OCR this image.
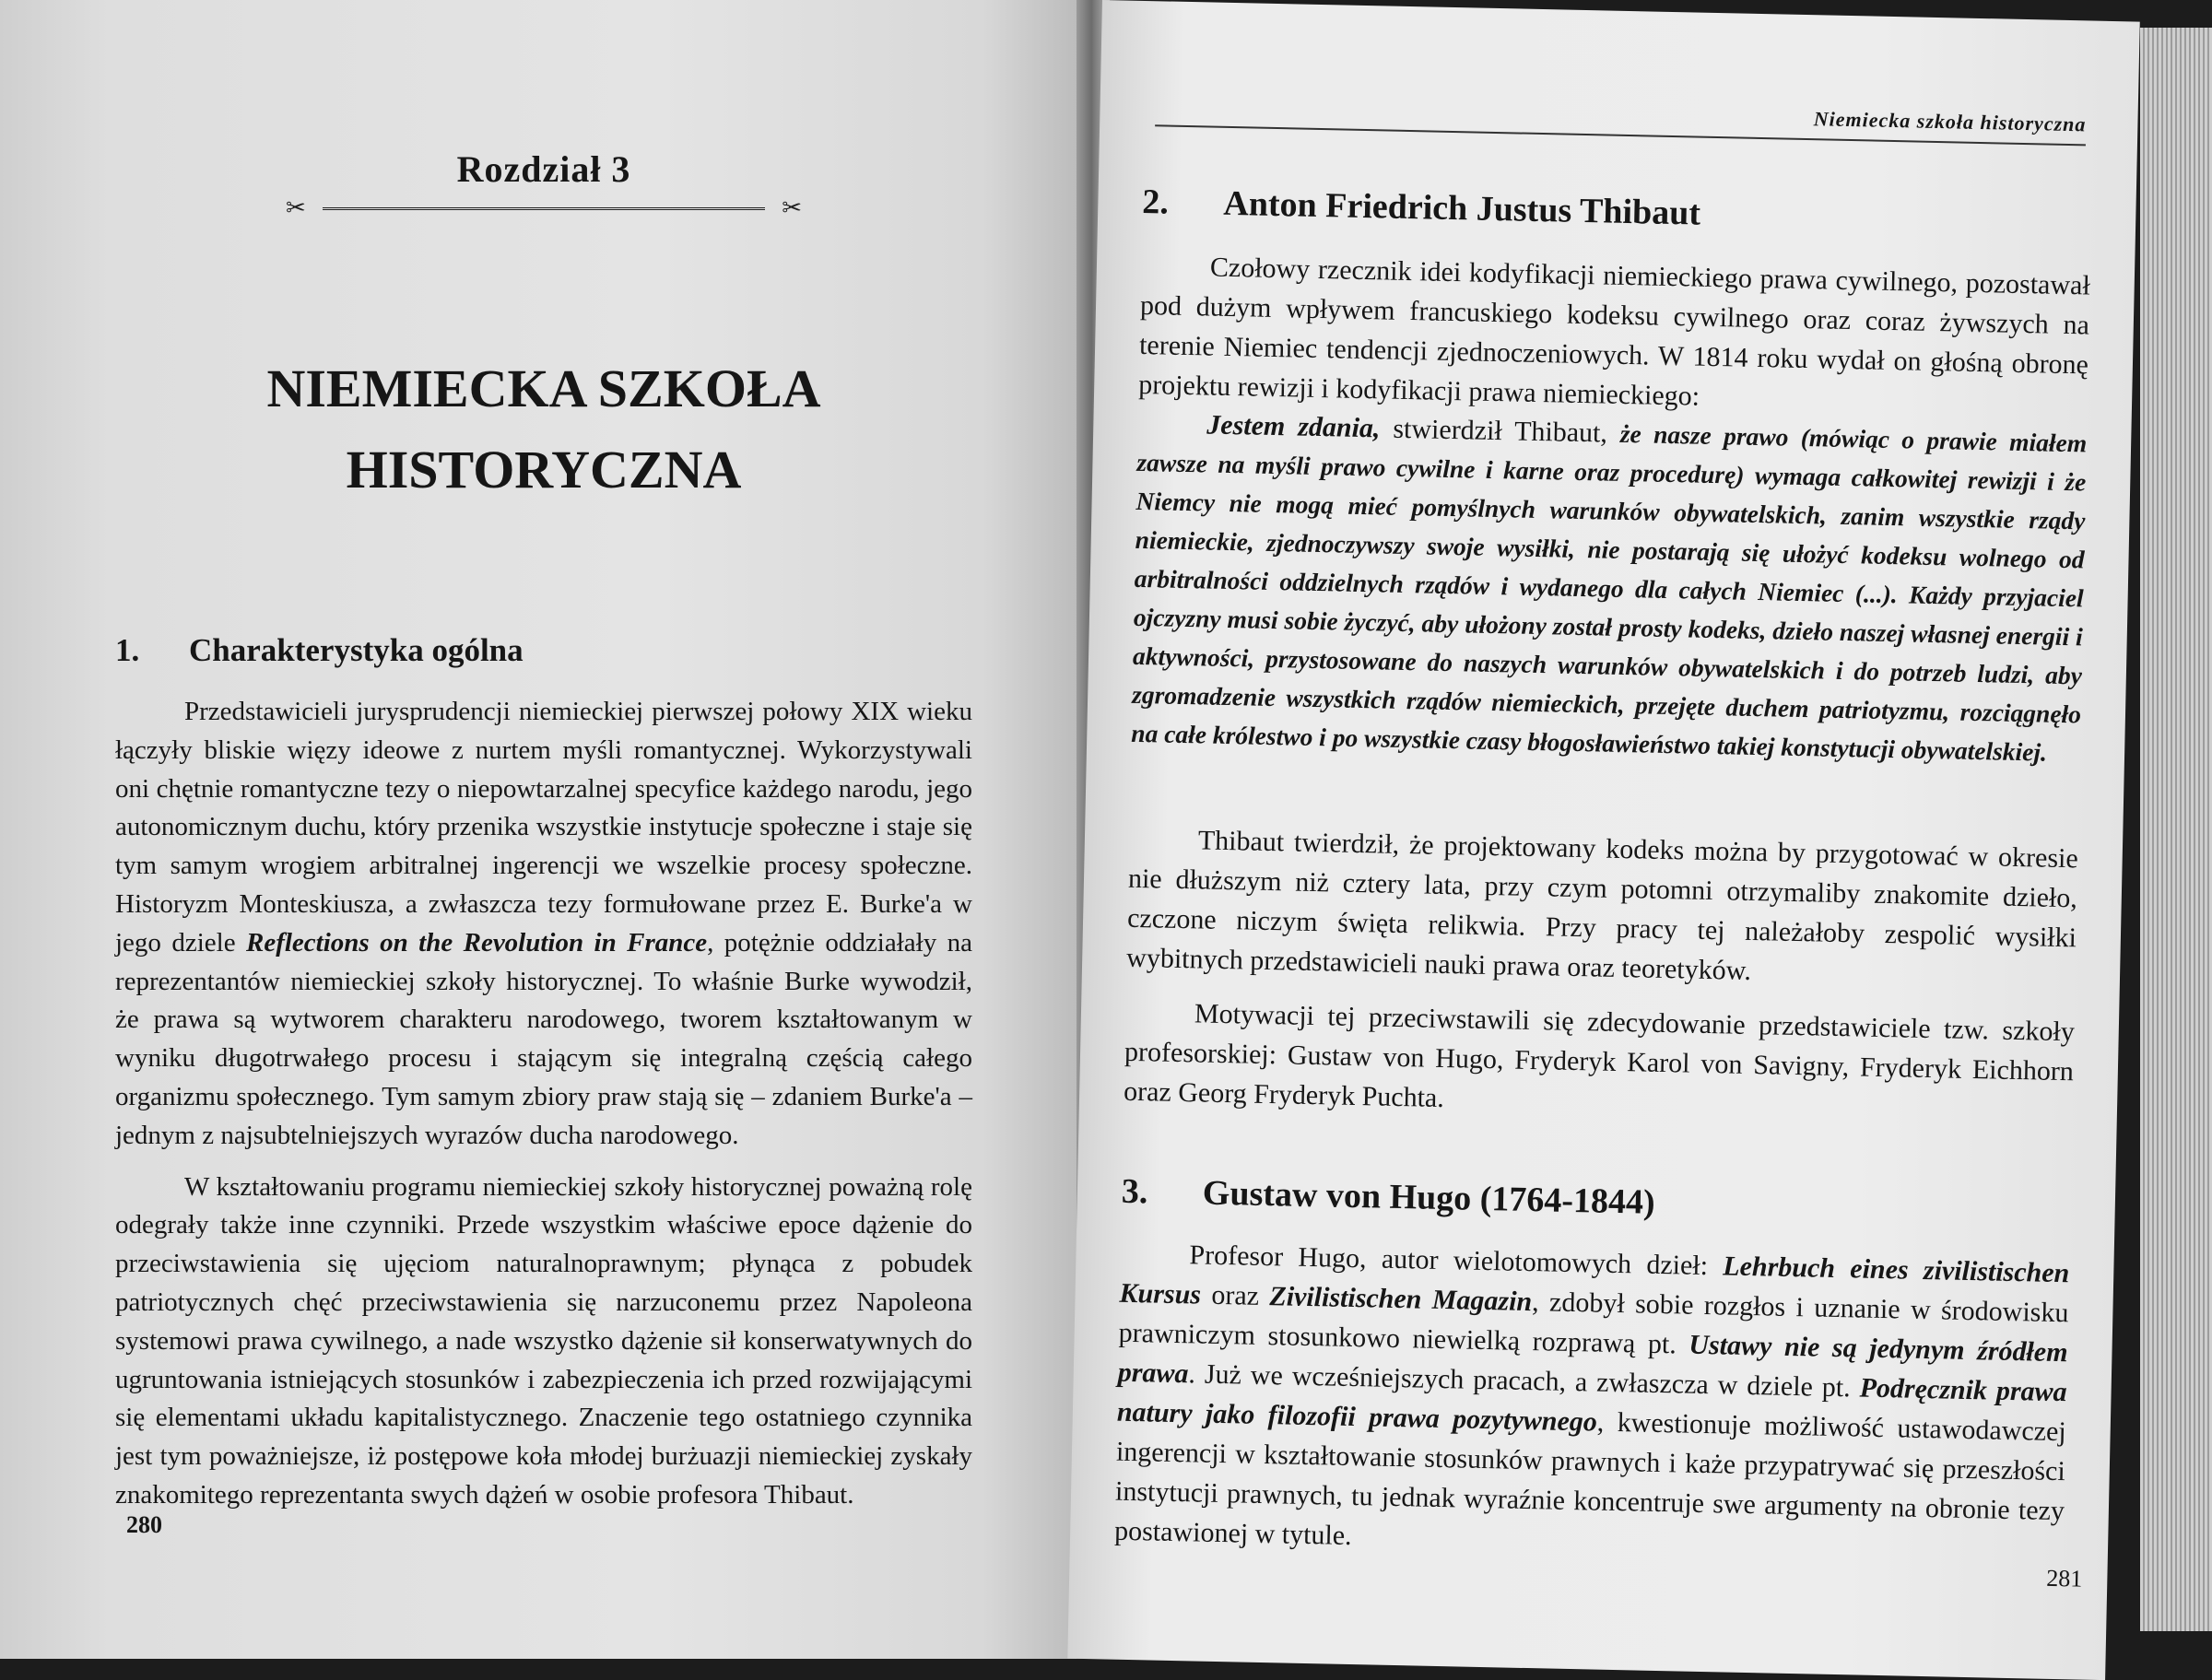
Rozdział 3
✂	✂
NIEMIECKA SZKOŁA
HISTORYCZNA
1. Charakterystyka ogólna

Przedstawicieli jurysprudencji niemieckiej pierwszej połowy XIX wieku łączyły bliskie więzy ideowe z nurtem myśli romantycznej. Wykorzystywali oni chętnie romantyczne tezy o niepowtarzalnej specyfice każdego narodu, jego autonomicznym duchu, który przenika wszystkie instytucje społeczne i staje się tym samym wrogiem arbitralnej ingerencji we wszelkie procesy społeczne. Historyzm Monteskiusza, a zwłaszcza tezy formułowane przez E. Burke'a w jego dziele Reflections on the Revolution in France, potężnie oddziałały na reprezentantów niemieckiej szkoły historycznej. To właśnie Burke wywodził, że prawa są wytworem charakteru narodowego, tworem kształtowanym w wyniku długotrwałego procesu i stającym się integralną częścią całego organizmu społecznego. Tym samym zbiory praw stają się – zdaniem Burke'a – jednym z najsubtelniejszych wyrazów ducha narodowego.

W kształtowaniu programu niemieckiej szkoły historycznej poważną rolę odegrały także inne czynniki. Przede wszystkim właściwe epoce dążenie do przeciwstawienia się ujęciom naturalnoprawnym; płynąca z pobudek patriotycznych chęć przeciwstawienia się narzuconemu przez Napoleona systemowi prawa cywilnego, a nade wszystko dążenie sił konserwatywnych do ugruntowania istniejących stosunków i zabezpieczenia ich przed rozwijającymi się elementami układu kapitalistycznego. Znaczenie tego ostatniego czynnika jest tym poważniejsze, iż postępowe koła młodej burżuazji niemieckiej zyskały znakomitego reprezentanta swych dążeń w osobie profesora Thibaut.

280
Niemiecka szkoła historyczna
2. Anton Friedrich Justus Thibaut

Czołowy rzecznik idei kodyfikacji niemieckiego prawa cywilnego, pozostawał pod dużym wpływem francuskiego kodeksu cywilnego oraz coraz żywszych na terenie Niemiec tendencji zjednoczeniowych. W 1814 roku wydał on głośną obronę projektu rewizji i kodyfikacji prawa niemieckiego:

Jestem zdania, stwierdził Thibaut, że nasze prawo (mówiąc o prawie miałem zawsze na myśli prawo cywilne i karne oraz procedurę) wymaga całkowitej rewizji i że Niemcy nie mogą mieć pomyślnych warunków obywatelskich, zanim wszystkie rządy niemieckie, zjednoczywszy swoje wysiłki, nie postarają się ułożyć kodeksu wolnego od arbitralności oddzielnych rządów i wydanego dla całych Niemiec (...). Każdy przyjaciel ojczyzny musi sobie życzyć, aby ułożony został prosty kodeks, dzieło naszej własnej energii i aktywności, przystosowane do naszych warunków obywatelskich i do potrzeb ludzi, aby zgromadzenie wszystkich rządów niemieckich, przejęte duchem patriotyzmu, rozciągnęło na całe królestwo i po wszystkie czasy błogosławieństwo takiej konstytucji obywatelskiej.

Thibaut twierdził, że projektowany kodeks można by przygotować w okresie nie dłuższym niż cztery lata, przy czym potomni otrzymaliby znakomite dzieło, czczone niczym święta relikwia. Przy pracy tej należałoby zespolić wysiłki wybitnych przedstawicieli nauki prawa oraz teoretyków.

Motywacji tej przeciwstawili się zdecydowanie przedstawiciele tzw. szkoły profesorskiej: Gustaw von Hugo, Fryderyk Karol von Savigny, Fryderyk Eichhorn oraz Georg Fryderyk Puchta.

3. Gustaw von Hugo (1764-1844)

Profesor Hugo, autor wielotomowych dzieł: Lehrbuch eines zivilistischen Kursus oraz Zivilistischen Magazin, zdobył sobie rozgłos i uznanie w środowisku prawniczym stosunkowo niewielką rozprawą pt. Ustawy nie są jedynym źródłem prawa. Już we wcześniejszych pracach, a zwłaszcza w dziele pt. Podręcznik prawa natury jako filozofii prawa pozytywnego, kwestionuje możliwość ustawodawczej ingerencji w kształtowanie stosunków prawnych i każe przypatrywać się przeszłości instytucji prawnych, tu jednak wyraźnie koncentruje swe argumenty na obronie tezy postawionej w tytule.

281
